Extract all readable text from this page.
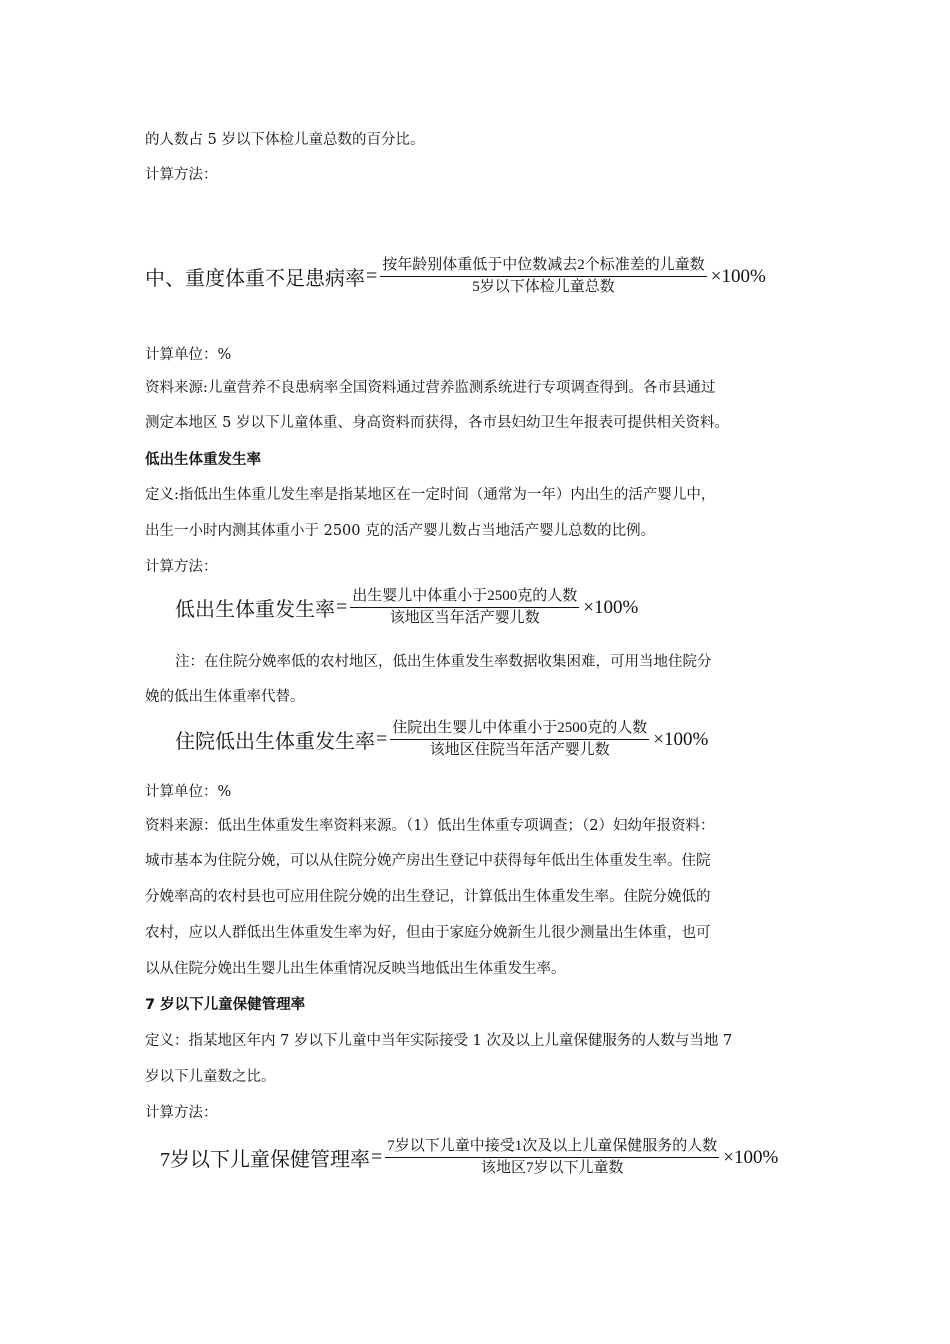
的人数占 5 岁以下体检儿童总数的百分比。
计算方法：
中、重度体重不足患病率 = $\frac{\text{按年龄别体重低于中位数减去2个标准差的儿童数}}{\text{5岁以下体检儿童总数}} \times 100\%$
计算单位：%
资料来源:儿童营养不良患病率全国资料通过营养监测系统进行专项调查得到。各市县通过
测定本地区 5 岁以下儿童体重、身高资料而获得，各市县妇幼卫生年报表可提供相关资料。
低出生体重发生率
定义:指低出生体重儿发生率是指某地区在一定时间（通常为一年）内出生的活产婴儿中，
出生一小时内测其体重小于 2500 克的活产婴儿数占当地活产婴儿总数的比例。
计算方法：
低出生体重发生率 = $\frac{\text{出生婴儿中体重小于2500克的人数}}{\text{该地区当年活产婴儿数}} \times 100\%$
注：在住院分娩率低的农村地区，低出生体重发生率数据收集困难，可用当地住院分
娩的低出生体重率代替。
住院低出生体重发生率 = $\frac{\text{住院出生婴儿中体重小于2500克的人数}}{\text{该地区住院当年活产婴儿数}} \times 100\%$
计算单位：%
资料来源：低出生体重发生率资料来源。（1）低出生体重专项调查；（2）妇幼年报资料：
城市基本为住院分娩，可以从住院分娩产房出生登记中获得每年低出生体重发生率。住院
分娩率高的农村县也可应用住院分娩的出生登记，计算低出生体重发生率。住院分娩低的
农村，应以人群低出生体重发生率为好，但由于家庭分娩新生儿很少测量出生体重，也可
以从住院分娩出生婴儿出生体重情况反映当地低出生体重发生率。
7 岁以下儿童保健管理率
定义：指某地区年内 7 岁以下儿童中当年实际接受 1 次及以上儿童保健服务的人数与当地 7
岁以下儿童数之比。
计算方法：
7岁以下儿童保健管理率 = $\frac{\text{7岁以下儿童中接受1次及以上儿童保健服务的人数}}{\text{该地区7岁以下儿童数}} \times 100\%$
